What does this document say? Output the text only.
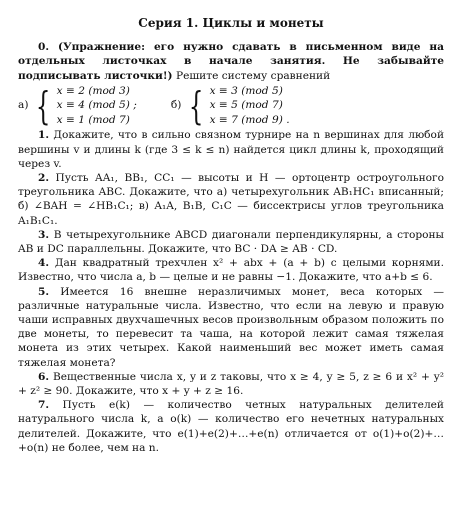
Серия 1. Циклы и монеты

0. (Упражнение: его нужно сдавать в письменном виде на отдельных листочках в начале занятия. Не забывайте подписывать листочки!) Решите систему сравнений

а) { x ≡ 2 (mod 3)
x ≡ 4 (mod 5) ;
x ≡ 1 (mod 7)
б) { x ≡ 3 (mod 5)
x ≡ 5 (mod 7)
x ≡ 7 (mod 9) .

1. Докажите, что в сильно связном турнире на n вершинах для любой вершины v и длины k (где 3 ≤ k ≤ n) найдется цикл длины k, проходящий через v.

2. Пусть AA₁, BB₁, CC₁ — высоты и H — ортоцентр остроугольного треугольника ABC. Докажите, что а) четырехугольник AB₁HC₁ вписанный; б) ∠BAH = ∠HB₁C₁; в) A₁A, B₁B, C₁C — биссектрисы углов треугольника A₁B₁C₁.

3. В четырехугольнике ABCD диагонали перпендикулярны, а стороны AB и DC параллельны. Докажите, что BC · DA ≥ AB · CD.

4. Дан квадратный трехчлен x² + abx + (a + b) с целыми корнями. Известно, что числа a, b — целые и не равны −1. Докажите, что a+b ≤ 6.

5. Имеется 16 внешне неразличимых монет, веса которых — различные натуральные числа. Известно, что если на левую и правую чаши исправных двухчашечных весов произвольным образом положить по две монеты, то перевесит та чаша, на которой лежит самая тяжелая монета из этих четырех. Какой наименьший вес может иметь самая тяжелая монета?

6. Вещественные числа x, y и z таковы, что x ≥ 4, y ≥ 5, z ≥ 6 и x² + y² + z² ≥ 90. Докажите, что x + y + z ≥ 16.

7. Пусть e(k) — количество четных натуральных делителей натурального числа k, а o(k) — количество его нечетных натуральных делителей. Докажите, что e(1)+e(2)+…+e(n) отличается от o(1)+o(2)+…+o(n) не более, чем на n.
